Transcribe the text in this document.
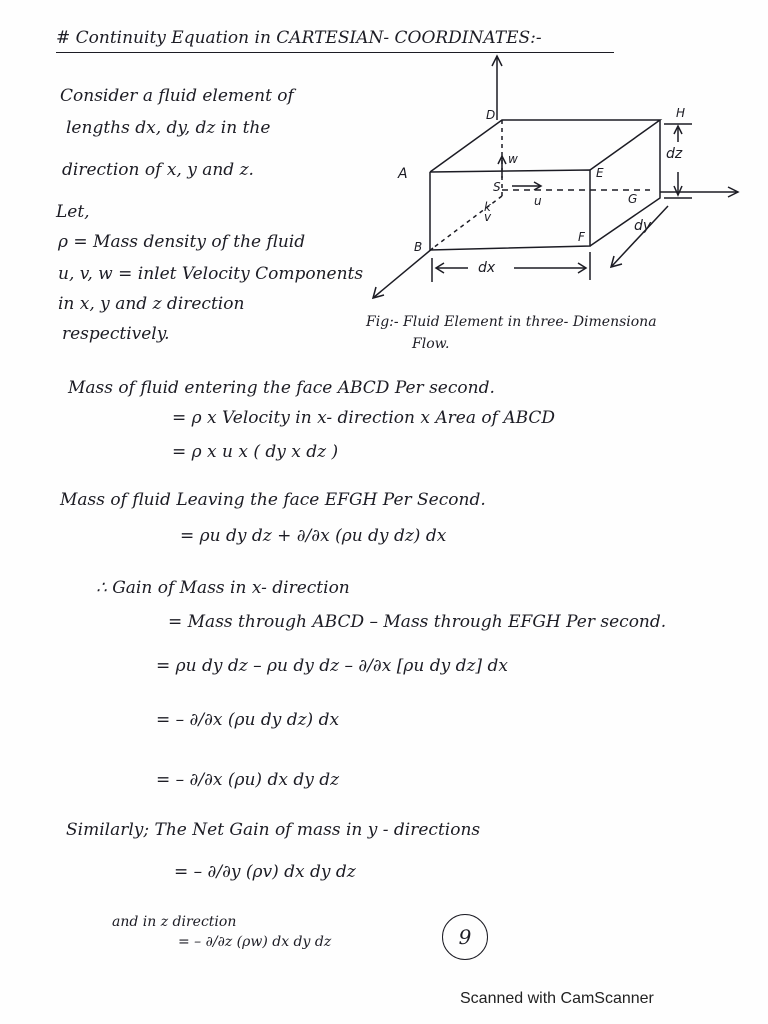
# Continuity Equation in CARTESIAN- COORDINATES:-
Consider a fluid element of
lengths dx, dy, dz in the
direction of x, y and z.
Let,
ρ = Mass density of the fluid
u, v, w = inlet Velocity Components
in x, y and z direction
respectively.
D	H
A	E
B
F
G
w
S
u
k
v
dx
dz
dy
Fig:- Fluid Element in three- Dimensiona
Flow.
Mass of fluid entering the face ABCD Per second.
= ρ x Velocity in x- direction x Area of ABCD
= ρ x u x ( dy x dz )
Mass of fluid Leaving the face EFGH Per Second.
= ρu dy dz + ∂/∂x (ρu dy dz) dx
∴ Gain of Mass in x- direction
= Mass through ABCD – Mass through EFGH Per second.
= ρu dy dz – ρu dy dz – ∂/∂x [ρu dy dz] dx
= – ∂/∂x (ρu dy dz) dx
= – ∂/∂x (ρu) dx dy dz
Similarly; The Net Gain of mass in y - directions
= – ∂/∂y (ρv) dx dy dz
and in z direction
= – ∂/∂z (ρw) dx dy dz	9
Scanned with CamScanner
